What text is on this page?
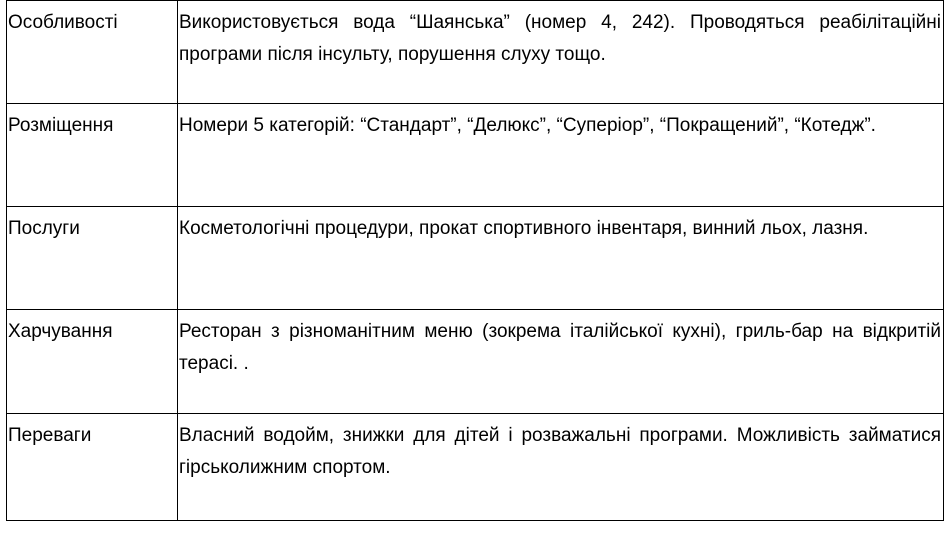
Особливості	Використовується вода “Шаянська” (номер 4, 242). Проводяться реабілітаційні програми після інсульту, порушення слуху тощо.
Розміщення	Номери 5 категорій: “Стандарт”, “Делюкс”, “Суперіор”, “Покращений”, “Котедж”.
Послуги	Косметологічні процедури, прокат спортивного інвентаря, винний льох, лазня.
Харчування	Ресторан з різноманітним меню (зокрема італійської кухні), гриль-бар на відкритій терасі. .
Переваги	Власний водойм, знижки для дітей і розважальні програми. Можливість займатися гірськолижним спортом.
